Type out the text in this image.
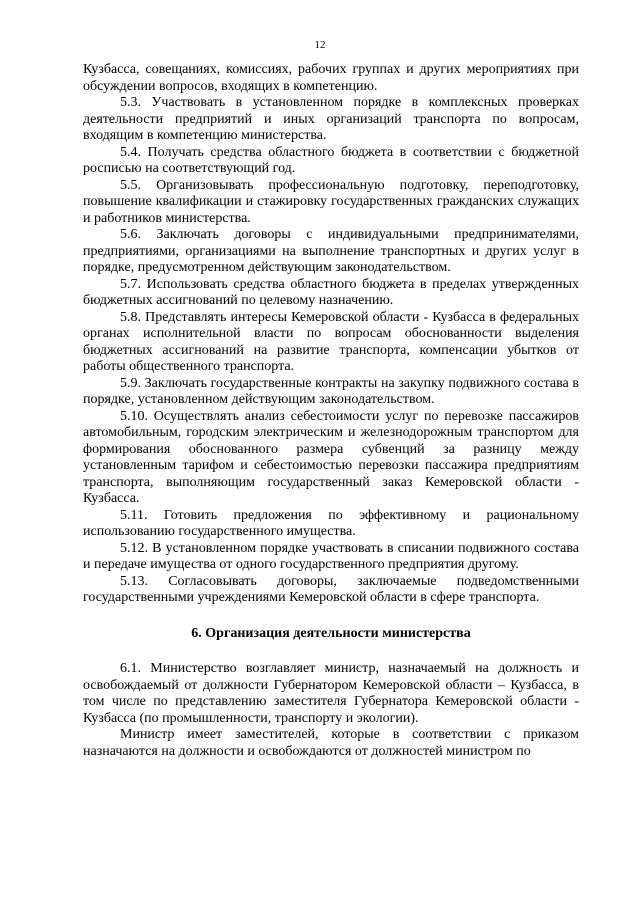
12

Кузбасса, совещаниях, комиссиях, рабочих группах и других мероприятиях при обсуждении вопросов, входящих в компетенцию.

5.3. Участвовать в установленном порядке в комплексных проверках деятельности предприятий и иных организаций транспорта по вопросам, входящим в компетенцию министерства.

5.4. Получать средства областного бюджета в соответствии с бюджетной росписью на соответствующий год.

5.5. Организовывать профессиональную подготовку, переподготовку, повышение квалификации и стажировку государственных гражданских служащих и работников министерства.

5.6. Заключать договоры с индивидуальными предпринимателями, предприятиями, организациями на выполнение транспортных и других услуг в порядке, предусмотренном действующим законодательством.

5.7. Использовать средства областного бюджета в пределах утвержденных бюджетных ассигнований по целевому назначению.

5.8. Представлять интересы Кемеровской области - Кузбасса в федеральных органах исполнительной власти по вопросам обоснованности выделения бюджетных ассигнований на развитие транспорта, компенсации убытков от работы общественного транспорта.

5.9. Заключать государственные контракты на закупку подвижного состава в порядке, установленном действующим законодательством.

5.10. Осуществлять анализ себестоимости услуг по перевозке пассажиров автомобильным, городским электрическим и железнодорожным транспортом для формирования обоснованного размера субвенций за разницу между установленным тарифом и себестоимостью перевозки пассажира предприятиям транспорта, выполняющим государственный заказ Кемеровской области - Кузбасса.

5.11. Готовить предложения по эффективному и рациональному использованию государственного имущества.

5.12. В установленном порядке участвовать в списании подвижного состава и передаче имущества от одного государственного предприятия другому.

5.13. Согласовывать договоры, заключаемые подведомственными государственными учреждениями Кемеровской области в сфере транспорта.

6. Организация деятельности министерства

6.1. Министерство возглавляет министр, назначаемый на должность и освобождаемый от должности Губернатором Кемеровской области – Кузбасса, в том числе по представлению заместителя Губернатора Кемеровской области - Кузбасса (по промышленности, транспорту и экологии).

Министр имеет заместителей, которые в соответствии с приказом назначаются на должности и освобождаются от должностей министром по
